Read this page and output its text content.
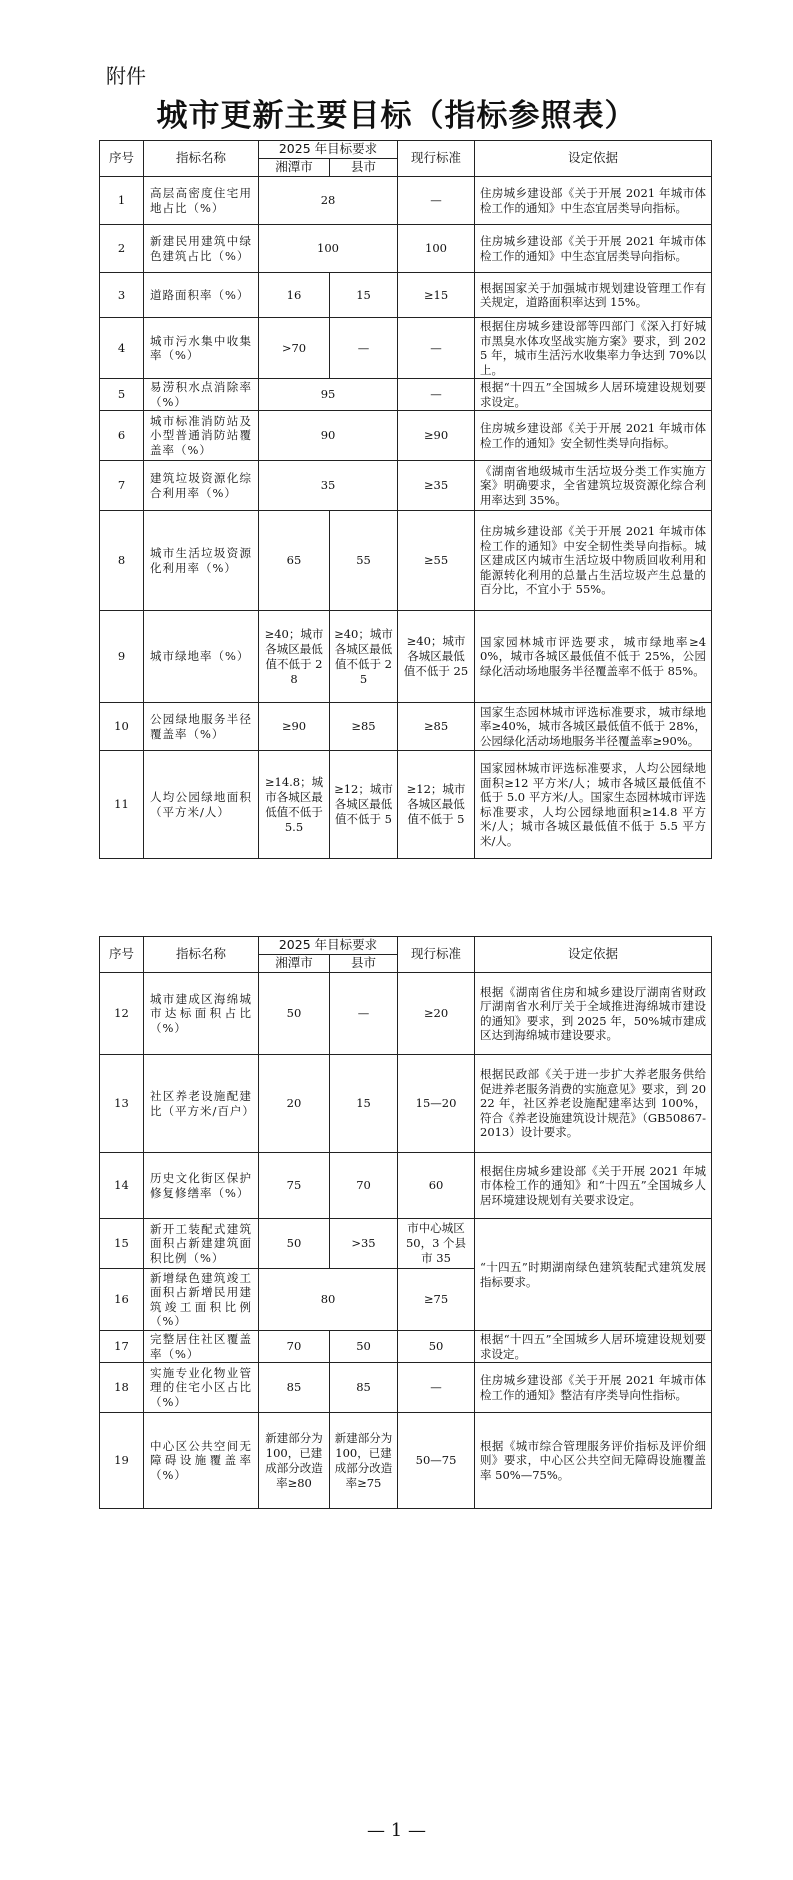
附件
城市更新主要目标（指标参照表）
序号	指标名称	2025 年目标要求		现行标准	设定依据
		湘潭市	县市		
1	高层高密度住宅用地占比（%）	28		—	住房城乡建设部《关于开展 2021 年城市体检工作的通知》中生态宜居类导向指标。
2	新建民用建筑中绿色建筑占比（%）	100		100	住房城乡建设部《关于开展 2021 年城市体检工作的通知》中生态宜居类导向指标。
3	道路面积率（%）	16	15	≥15	根据国家关于加强城市规划建设管理工作有关规定，道路面积率达到 15%。
4	城市污水集中收集率（%）	>70	—	—	根据住房城乡建设部等四部门《深入打好城市黑臭水体攻坚战实施方案》要求，到 2025 年，城市生活污水收集率力争达到 70%以上。
5	易涝积水点消除率（%）	95		—	根据“十四五”全国城乡人居环境建设规划要求设定。
6	城市标准消防站及小型普通消防站覆盖率（%）	90		≥90	住房城乡建设部《关于开展 2021 年城市体检工作的通知》安全韧性类导向指标。
7	建筑垃圾资源化综合利用率（%）	35		≥35	《湖南省地级城市生活垃圾分类工作实施方案》明确要求，全省建筑垃圾资源化综合利用率达到 35%。
8	城市生活垃圾资源化利用率（%）	65	55	≥55	住房城乡建设部《关于开展 2021 年城市体检工作的通知》中安全韧性类导向指标。城区建成区内城市生活垃圾中物质回收利用和能源转化利用的总量占生活垃圾产生总量的百分比，不宜小于 55%。
9	城市绿地率（%）	≥40；城市各城区最低值不低于 28	≥40；城市各城区最低值不低于 25	≥40；城市各城区最低值不低于 25	国家园林城市评选要求，城市绿地率≥40%，城市各城区最低值不低于 25%，公园绿化活动场地服务半径覆盖率不低于 85%。
10	公园绿地服务半径覆盖率（%）	≥90	≥85	≥85	国家生态园林城市评选标准要求，城市绿地率≥40%，城市各城区最低值不低于 28%，公园绿化活动场地服务半径覆盖率≥90%。
11	人均公园绿地面积（平方米/人）	≥14.8；城市各城区最低值不低于 5.5	≥12；城市各城区最低值不低于 5	≥12；城市各城区最低值不低于 5	国家园林城市评选标准要求，人均公园绿地面积≥12 平方米/人；城市各城区最低值不低于 5.0 平方米/人。国家生态园林城市评选标准要求，人均公园绿地面积≥14.8 平方米/人；城市各城区最低值不低于 5.5 平方米/人。
序号	指标名称	2025 年目标要求		现行标准	设定依据
		湘潭市	县市		
12	城市建成区海绵城市达标面积占比（%）	50	—	≥20	根据《湖南省住房和城乡建设厅湖南省财政厅湖南省水利厅关于全域推进海绵城市建设的通知》要求，到 2025 年，50%城市建成区达到海绵城市建设要求。
13	社区养老设施配建比（平方米/百户）	20	15	15—20	根据民政部《关于进一步扩大养老服务供给促进养老服务消费的实施意见》要求，到 2022 年，社区养老设施配建率达到 100%，符合《养老设施建筑设计规范》（GB50867-2013）设计要求。
14	历史文化街区保护修复修缮率（%）	75	70	60	根据住房城乡建设部《关于开展 2021 年城市体检工作的通知》和“十四五”全国城乡人居环境建设规划有关要求设定。
15	新开工装配式建筑面积占新建建筑面积比例（%）	50	>35	市中心城区 50，3 个县市 35	“十四五”时期湖南绿色建筑装配式建筑发展指标要求。
16	新增绿色建筑竣工面积占新增民用建筑竣工面积比例（%）	80		≥75	
17	完整居住社区覆盖率（%）	70	50	50	根据“十四五”全国城乡人居环境建设规划要求设定。
18	实施专业化物业管理的住宅小区占比（%）	85	85	—	住房城乡建设部《关于开展 2021 年城市体检工作的通知》整洁有序类导向性指标。
19	中心区公共空间无障碍设施覆盖率（%）	新建部分为 100，已建成部分改造率≥80	新建部分为 100，已建成部分改造率≥75	50—75	根据《城市综合管理服务评价指标及评价细则》要求，中心区公共空间无障碍设施覆盖率 50%—75%。
— 1 —
